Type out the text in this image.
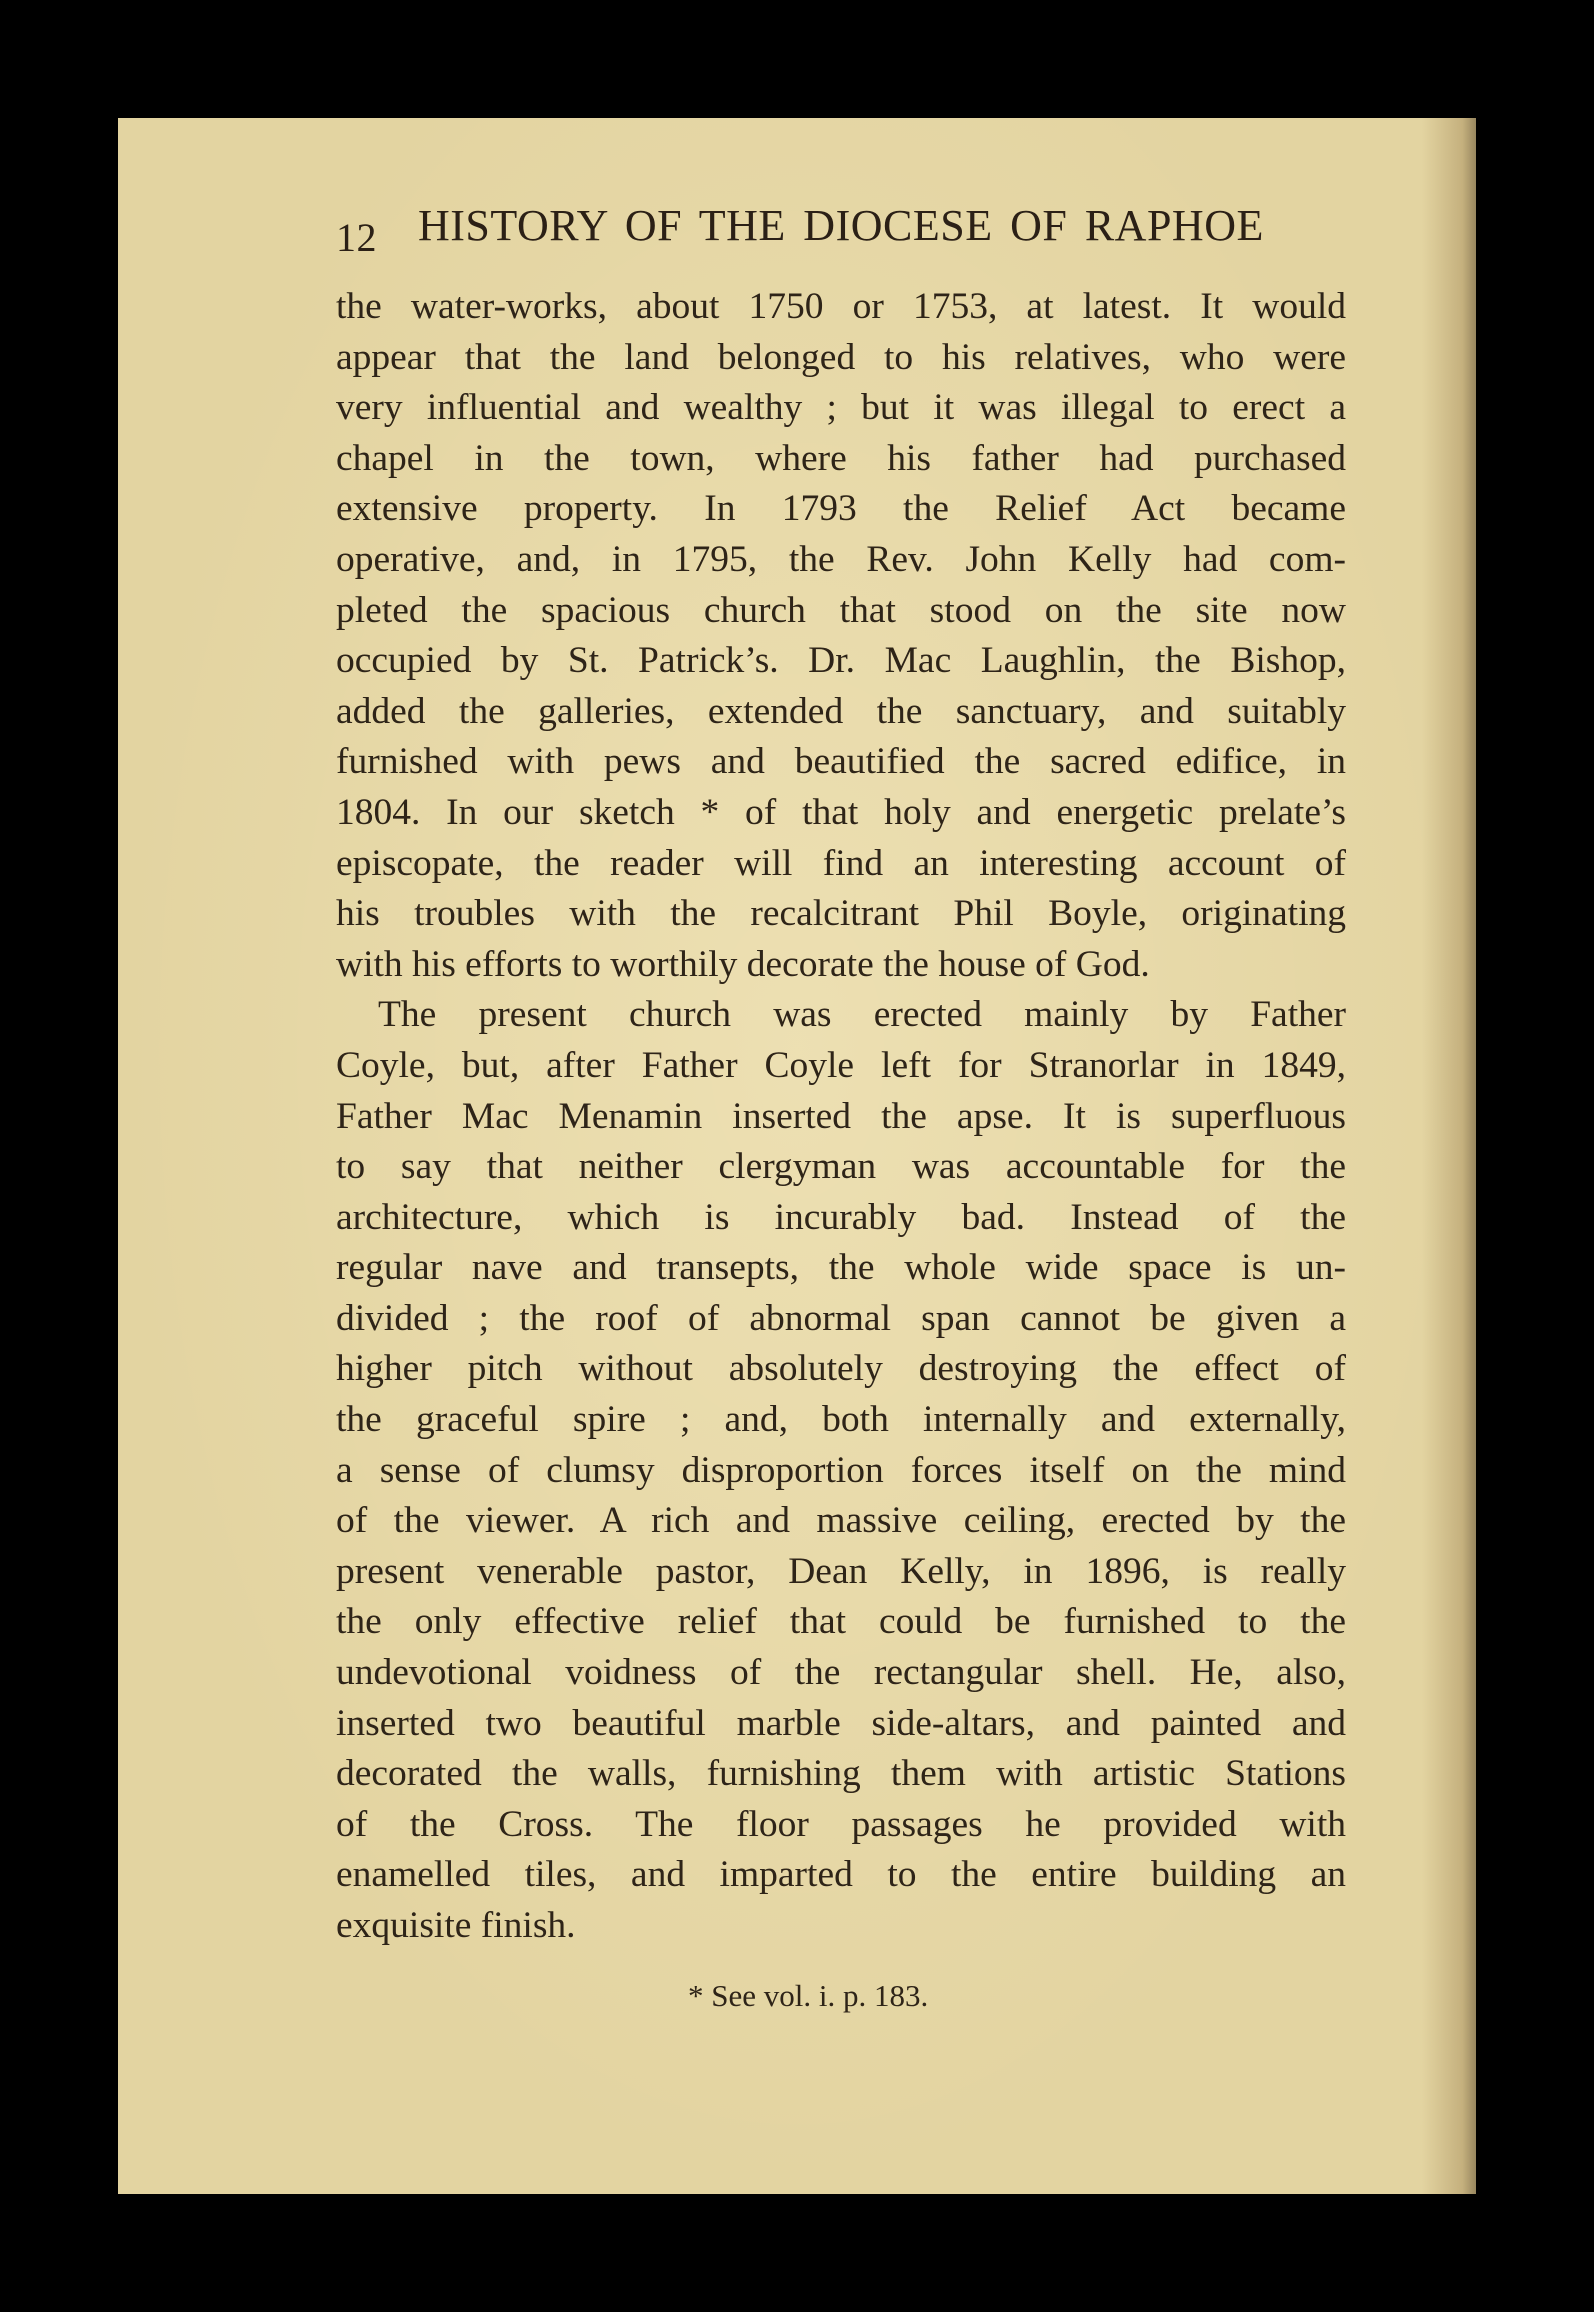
12 HISTORY OF THE DIOCESE OF RAPHOE
the water-works, about 1750 or 1753, at latest. It would
appear that the land belonged to his relatives, who were
very influential and wealthy ; but it was illegal to erect a
chapel in the town, where his father had purchased
extensive property. In 1793 the Relief Act became
operative, and, in 1795, the Rev. John Kelly had com-
pleted the spacious church that stood on the site now
occupied by St. Patrick’s. Dr. Mac Laughlin, the Bishop,
added the galleries, extended the sanctuary, and suitably
furnished with pews and beautified the sacred edifice, in
1804. In our sketch * of that holy and energetic prelate’s
episcopate, the reader will find an interesting account of
his troubles with the recalcitrant Phil Boyle, originating
with his efforts to worthily decorate the house of God.
The present church was erected mainly by Father
Coyle, but, after Father Coyle left for Stranorlar in 1849,
Father Mac Menamin inserted the apse. It is superfluous
to say that neither clergyman was accountable for the
architecture, which is incurably bad. Instead of the
regular nave and transepts, the whole wide space is un-
divided ; the roof of abnormal span cannot be given a
higher pitch without absolutely destroying the effect of
the graceful spire ; and, both internally and externally,
a sense of clumsy disproportion forces itself on the mind
of the viewer. A rich and massive ceiling, erected by the
present venerable pastor, Dean Kelly, in 1896, is really
the only effective relief that could be furnished to the
undevotional voidness of the rectangular shell. He, also,
inserted two beautiful marble side-altars, and painted and
decorated the walls, furnishing them with artistic Stations
of the Cross. The floor passages he provided with
enamelled tiles, and imparted to the entire building an
exquisite finish.
* See vol. i. p. 183.
